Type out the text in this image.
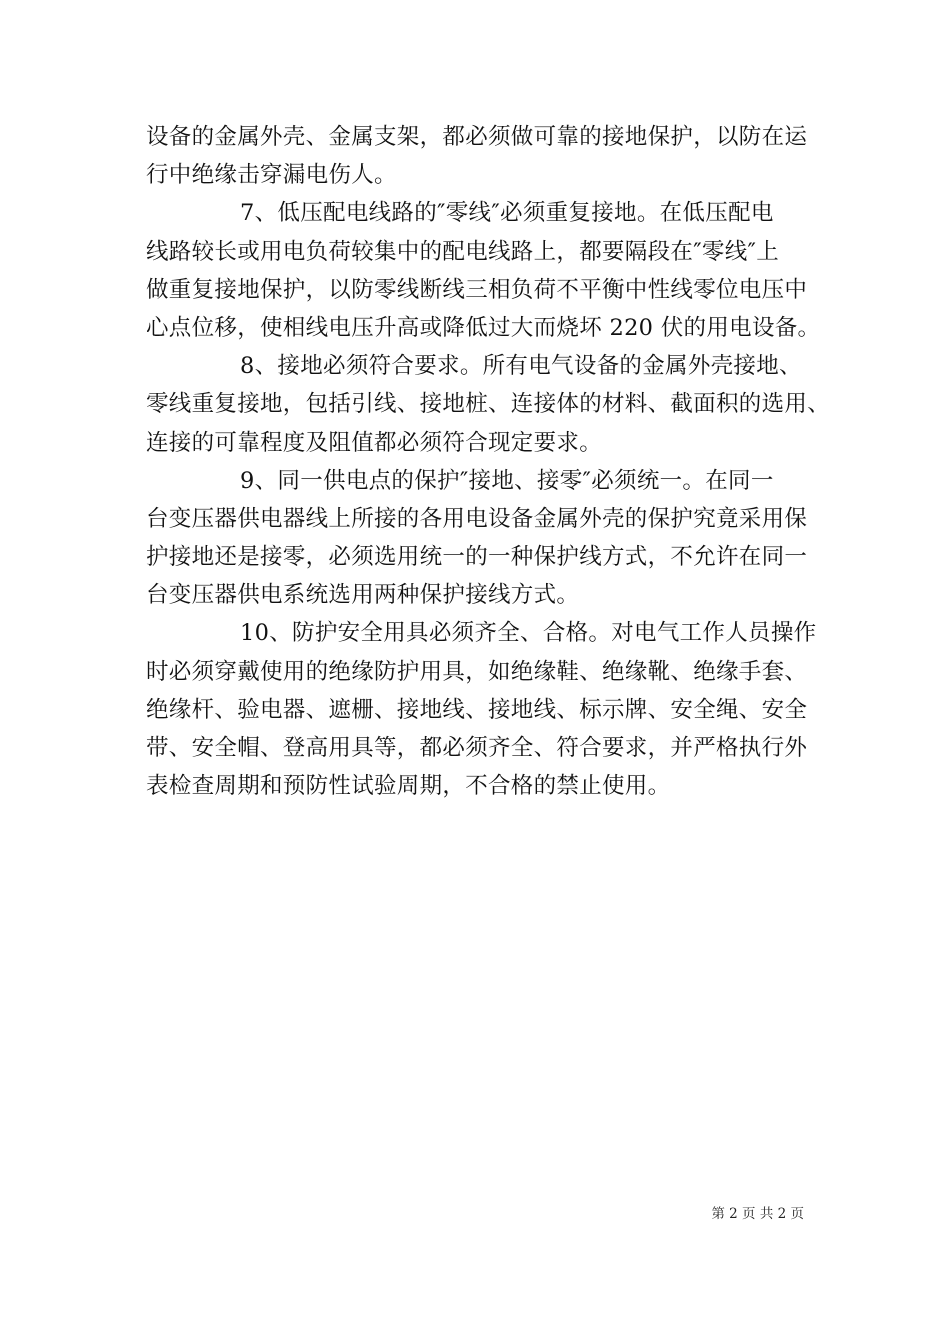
设备的金属外壳、金属支架，都必须做可靠的接地保护，以防在运
行中绝缘击穿漏电伤人。
7、低压配电线路的″零线″必须重复接地。在低压配电
线路较长或用电负荷较集中的配电线路上，都要隔段在″零线″上
做重复接地保护，以防零线断线三相负荷不平衡中性线零位电压中
心点位移，使相线电压升高或降低过大而烧坏 220 伏的用电设备。
8、接地必须符合要求。所有电气设备的金属外壳接地、
零线重复接地，包括引线、接地桩、连接体的材料、截面积的选用、
连接的可靠程度及阻值都必须符合现定要求。
9、同一供电点的保护″接地、接零″必须统一。在同一
台变压器供电器线上所接的各用电设备金属外壳的保护究竟采用保
护接地还是接零，必须选用统一的一种保护线方式，不允许在同一
台变压器供电系统选用两种保护接线方式。
10、防护安全用具必须齐全、合格。对电气工作人员操作
时必须穿戴使用的绝缘防护用具，如绝缘鞋、绝缘靴、绝缘手套、
绝缘杆、验电器、遮栅、接地线、接地线、标示牌、安全绳、安全
带、安全帽、登高用具等，都必须齐全、符合要求，并严格执行外
表检查周期和预防性试验周期，不合格的禁止使用。
第 2 页 共 2 页
